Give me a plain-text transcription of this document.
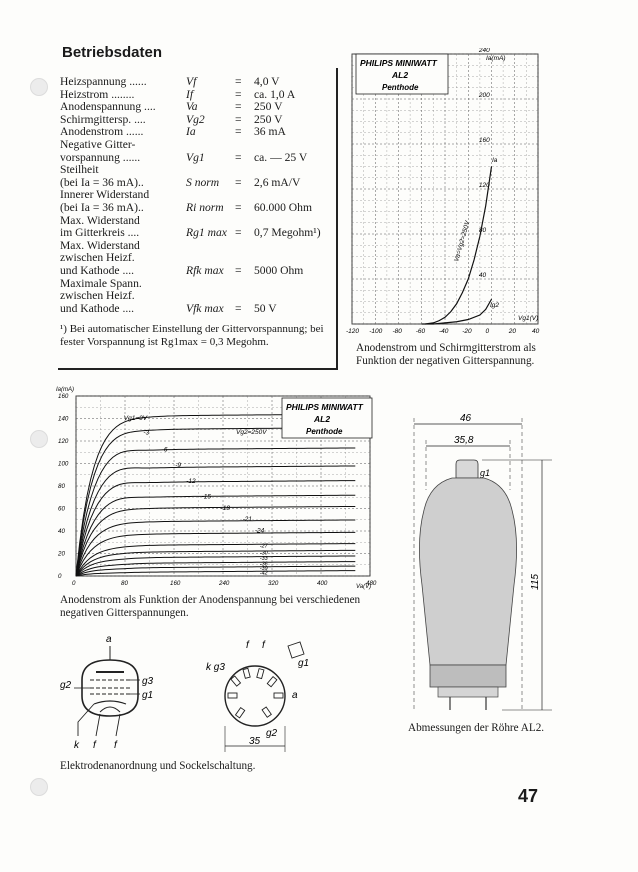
Betriebsdaten
Heizspannung ......	Vf	= 4,0 V
Heizstrom ........	If	= ca. 1,0 A
Anodenspannung ....	Va	= 250 V
Schirmgittersp. ....	Vg2	= 250 V
Anodenstrom ......	Ia	= 36 mA
Negative Gitter-
vorspannung ......	Vg1	= ca. — 25 V
Steilheit
(bei Ia = 36 mA)..	S norm = 2,6 mA/V
Innerer Widerstand
(bei Ia = 36 mA)..	Ri norm = 60.000 Ohm
Max. Widerstand
im Gitterkreis ....	Rg1 max = 0,7 Megohm¹)
Max. Widerstand
zwischen Heizf.
und Kathode ....	Rfk max = 5000 Ohm
Maximale Spann.
zwischen Heizf.
und Kathode ....	Vfk max = 50 V
¹) Bei automatischer Einstellung der Gittervorspannung; bei fester Vorspannung ist Rg1max = 0,3 Megohm.
240
200
160
120
80
40
-120 -100 -80 -60 -40 -20 0	20 40
PHILIPS MINIWATT
AL2
Penthode
Ia(mA)
Vg1(V)
Ia
Ig2
Va=Vg2=250V
Anodenstrom und Schirmgitterstrom als Funktion der negativen Gitterspannung.
160
140
120
100
80
60
40
20
0
0	80	160	240	320	400	480
Vg1=0V
-3
-6
-9
-12
-15
-18
-21
-24
-27
-30
-33
-36
-39
-42
PHILIPS MINIWATT
AL2
Penthode
Ia(mA)
Va(V)
Vg2=250V
Anodenstrom als Funktion der Anodenspannung bei verschiedenen negativen Gitterspannungen.
46
35,8
g1
115
Abmessungen der Röhre AL2.
a
g2	g3
g1
k f f
f f
k g3	g1
a
g2
35
Elektrodenanordnung und Sockelschaltung.
47
